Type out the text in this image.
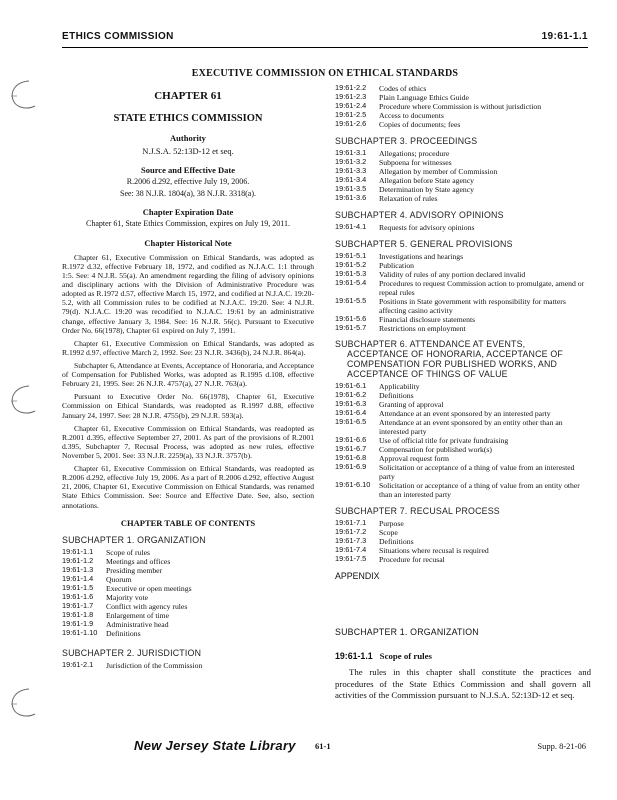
ETHICS COMMISSION	19:61-1.1
EXECUTIVE COMMISSION ON ETHICAL STANDARDS
CHAPTER 61
STATE ETHICS COMMISSION
Authority
N.J.S.A. 52:13D-12 et seq.
Source and Effective Date
R.2006 d.292, effective July 19, 2006.
See: 38 N.J.R. 1804(a), 38 N.J.R. 3318(a).
Chapter Expiration Date
Chapter 61, State Ethics Commission, expires on July 19, 2011.
Chapter Historical Note

Chapter 61, Executive Commission on Ethical Standards, was adopted as R.1972 d.32, effective February 18, 1972, and codified as N.J.A.C. 1:1 through 1:5. See: 4 N.J.R. 55(a). An amendment regarding the filing of advisory opinions and disciplinary actions with the Division of Administrative Procedure was adopted as R.1972 d.57, effective March 15, 1972, and codified at N.J.A.C. 19:20-5.2, with all Commission rules to be codified at N.J.A.C. 19:20. See: 4 N.J.R. 79(d). N.J.A.C. 19:20 was recodified to N.J.A.C. 19:61 by an administrative change, effective January 3, 1984. See: 16 N.J.R. 56(c). Pursuant to Executive Order No. 66(1978), Chapter 61 expired on July 7, 1991.

Chapter 61, Executive Commission on Ethical Standards, was adopted as R.1992 d.97, effective March 2, 1992. See: 23 N.J.R. 3436(b), 24 N.J.R. 864(a).

Subchapter 6, Attendance at Events, Acceptance of Honoraria, and Acceptance of Compensation for Published Works, was adopted as R.1995 d.108, effective February 21, 1995. See: 26 N.J.R. 4757(a), 27 N.J.R. 763(a).

Pursuant to Executive Order No. 66(1978), Chapter 61, Executive Commission on Ethical Standards, was readopted as R.1997 d.88, effective January 24, 1997. See: 28 N.J.R. 4755(b), 29 N.J.R. 593(a).

Chapter 61, Executive Commission on Ethical Standards, was readopted as R.2001 d.395, effective September 27, 2001. As part of the provisions of R.2001 d.395, Subchapter 7, Recusal Process, was adopted as new rules, effective November 5, 2001. See: 33 N.J.R. 2259(a), 33 N.J.R. 3757(b).

Chapter 61, Executive Commission on Ethical Standards, was readopted as R.2006 d.292, effective July 19, 2006. As a part of R.2006 d.292, effective August 21, 2006, Chapter 61, Executive Commission on Ethical Standards, was renamed State Ethics Commission. See: Source and Effective Date. See, also, section annotations.

CHAPTER TABLE OF CONTENTS
SUBCHAPTER 1. ORGANIZATION
19:61-1.1	Scope of rules
19:61-1.2	Meetings and offices
19:61-1.3	Presiding member
19:61-1.4	Quorum
19:61-1.5	Executive or open meetings
19:61-1.6	Majority vote
19:61-1.7	Conflict with agency rules
19:61-1.8	Enlargement of time
19:61-1.9	Administrative head
19:61-1.10	Definitions
SUBCHAPTER 2. JURISDICTION
19:61-2.1	Jurisdiction of the Commission
19:61-2.2	Codes of ethics
19:61-2.3	Plain Language Ethics Guide
19:61-2.4	Procedure where Commission is without jurisdiction
19:61-2.5	Access to documents
19:61-2.6	Copies of documents; fees
SUBCHAPTER 3. PROCEEDINGS
19:61-3.1	Allegations; procedure
19:61-3.2	Subpoena for witnesses
19:61-3.3	Allegation by member of Commission
19:61-3.4	Allegation before State agency
19:61-3.5	Determination by State agency
19:61-3.6	Relaxation of rules
SUBCHAPTER 4. ADVISORY OPINIONS
19:61-4.1	Requests for advisory opinions
SUBCHAPTER 5. GENERAL PROVISIONS
19:61-5.1	Investigations and hearings
19:61-5.2	Publication
19:61-5.3	Validity of rules of any portion declared invalid
19:61-5.4	Procedures to request Commission action to promulgate, amend or repeal rules
19:61-5.5	Positions in State government with responsibility for matters affecting casino activity
19:61-5.6	Financial disclosure statements
19:61-5.7	Restrictions on employment
SUBCHAPTER 6. ATTENDANCE AT EVENTS,
ACCEPTANCE OF HONORARIA, ACCEPTANCE OF
COMPENSATION FOR PUBLISHED WORKS, AND
ACCEPTANCE OF THINGS OF VALUE
19:61-6.1	Applicability
19:61-6.2	Definitions
19:61-6.3	Granting of approval
19:61-6.4	Attendance at an event sponsored by an interested party
19:61-6.5	Attendance at an event sponsored by an entity other than an interested party
19:61-6.6	Use of official title for private fundraising
19:61-6.7	Compensation for published work(s)
19:61-6.8	Approval request form
19:61-6.9	Solicitation or acceptance of a thing of value from an interested party
19:61-6.10	Solicitation or acceptance of a thing of value from an entity other than an interested party
SUBCHAPTER 7. RECUSAL PROCESS
19:61-7.1	Purpose
19:61-7.2	Scope
19:61-7.3	Definitions
19:61-7.4	Situations where recusal is required
19:61-7.5	Procedure for recusal
APPENDIX
SUBCHAPTER 1. ORGANIZATION
19:61-1.1 Scope of rules
The rules in this chapter shall constitute the practices and procedures of the State Ethics Commission and shall govern all activities of the Commission pursuant to N.J.S.A. 52:13D-12 et seq.
New Jersey State Library 61-1	Supp. 8-21-06
